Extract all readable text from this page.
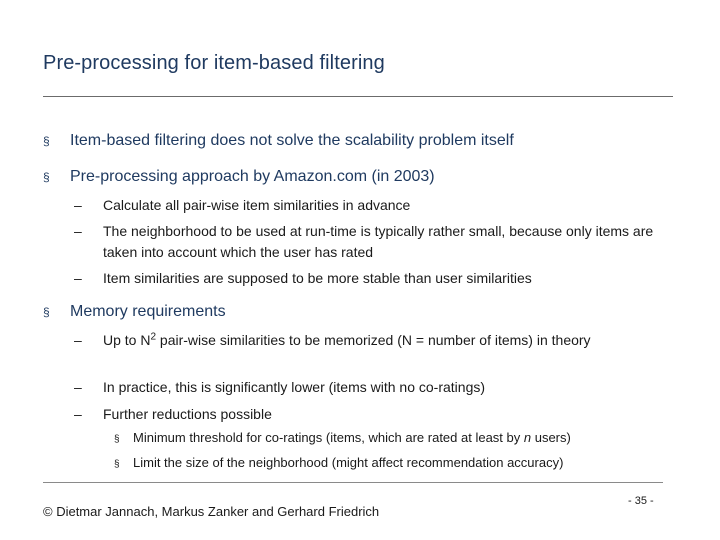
Pre-processing for item-based filtering
§	Item-based filtering does not solve the scalability problem itself
§	Pre-processing approach by Amazon.com (in 2003)
–	Calculate all pair-wise item similarities in advance
–	The neighborhood to be used at run-time is typically rather small, because only items are taken into account which the user has rated
–	Item similarities are supposed to be more stable than user similarities
§	Memory requirements
–	Up to $N^2$ pair-wise similarities to be memorized (N = number of items) in theory
–	In practice, this is significantly lower (items with no co-ratings)
–	Further reductions possible
§	Minimum threshold for co-ratings (items, which are rated at least by n users)
§	Limit the size of the neighborhood (might affect recommendation accuracy)
© Dietmar Jannach, Markus Zanker and Gerhard Friedrich
- 35 -
